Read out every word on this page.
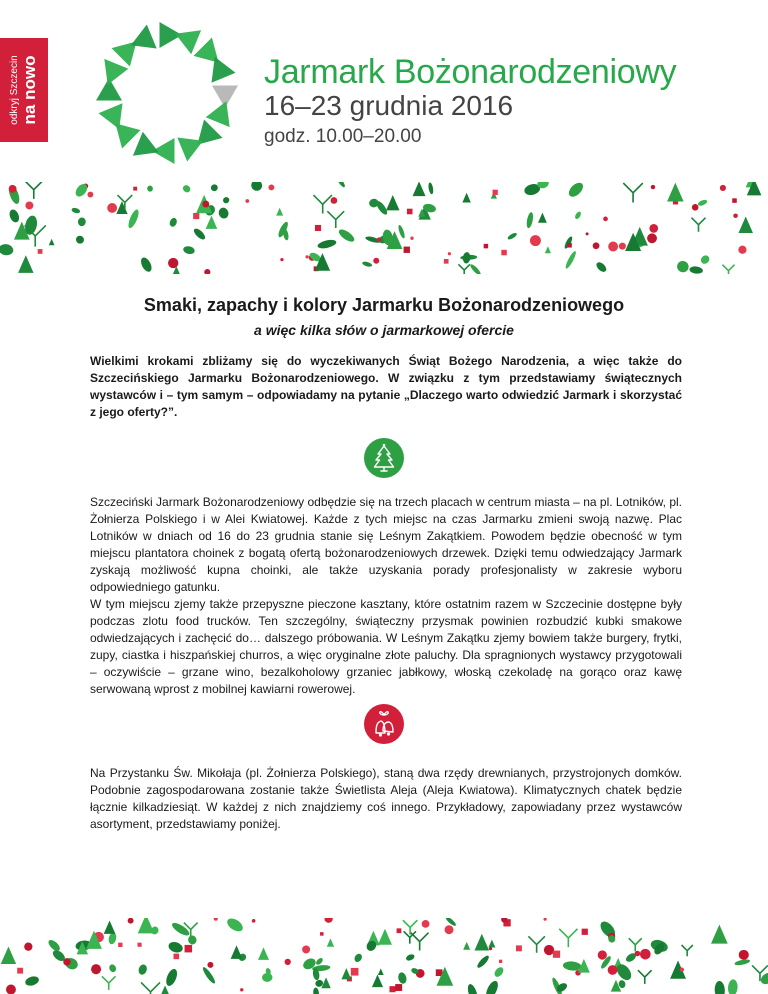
odkryj Szczecin na nowo	Jarmark Bożonarodzeniowy
16–23 grudnia 2016
godz. 10.00–20.00
Smaki, zapachy i kolory Jarmarku Bożonarodzeniowego
a więc kilka słów o jarmarkowej ofercie

Wielkimi krokami zbliżamy się do wyczekiwanych Świąt Bożego Narodzenia, a więc także do Szczecińskiego Jarmarku Bożonarodzeniowego. W związku z tym przedstawiamy świątecznych wystawców i – tym samym – odpowiadamy na pytanie „Dlaczego warto odwiedzić Jarmark i skorzystać z jego oferty?”.

Szczeciński Jarmark Bożonarodzeniowy odbędzie się na trzech placach w centrum miasta – na pl. Lotników, pl. Żołnierza Polskiego i w Alei Kwiatowej. Każde z tych miejsc na czas Jarmarku zmieni swoją nazwę. Plac Lotników w dniach od 16 do 23 grudnia stanie się Leśnym Zakątkiem. Powodem będzie obecność w tym miejscu plantatora choinek z bogatą ofertą bożonarodzeniowych drzewek. Dzięki temu odwiedzający Jarmark zyskają możliwość kupna choinki, ale także uzyskania porady profesjonalisty w zakresie wyboru odpowiedniego gatunku.

W tym miejscu zjemy także przepyszne pieczone kasztany, które ostatnim razem w Szczecinie dostępne były podczas zlotu food trucków. Ten szczególny, świąteczny przysmak powinien rozbudzić kubki smakowe odwiedzających i zachęcić do… dalszego próbowania. W Leśnym Zakątku zjemy bowiem także burgery, frytki, zupy, ciastka i hiszpańskiej churros, a więc oryginalne złote paluchy. Dla spragnionych wystawcy przygotowali – oczywiście – grzane wino, bezalkoholowy grzaniec jabłkowy, włoską czekoladę na gorąco oraz kawę serwowaną wprost z mobilnej kawiarni rowerowej.

Na Przystanku Św. Mikołaja (pl. Żołnierza Polskiego), staną dwa rzędy drewnianych, przystrojonych domków. Podobnie zagospodarowana zostanie także Świetlista Aleja (Aleja Kwiatowa). Klimatycznych chatek będzie łącznie kilkadziesiąt. W każdej z nich znajdziemy coś innego. Przykładowy, zapowiadany przez wystawców asortyment, przedstawiamy poniżej.
